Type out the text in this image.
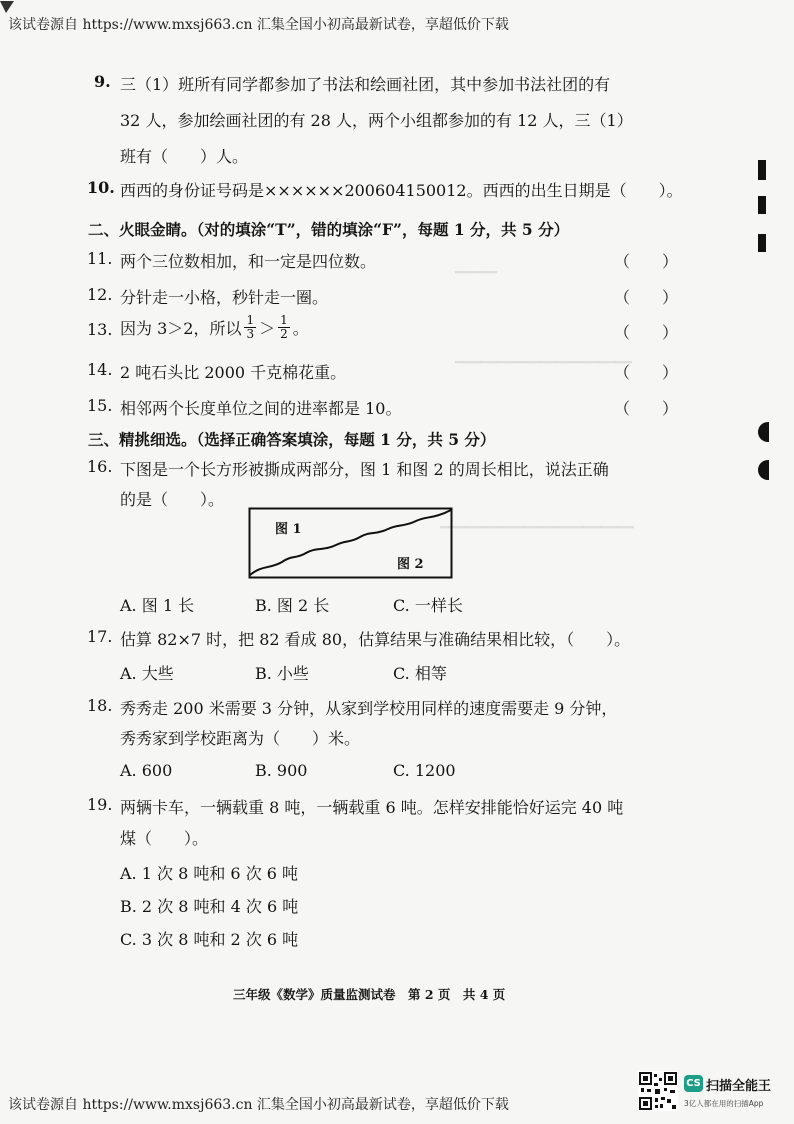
该试卷源自 https://www.mxsj663.cn 汇集全国小初高最新试卷，享超低价下载
━━━━━
━━━━━━━━━━━━━━━━━━━━━
━━━━━━━━━━━━━━━━━━━━━━━
9. 三（1）班所有同学都参加了书法和绘画社团，其中参加书法社团的有
32 人，参加绘画社团的有 28 人，两个小组都参加的有 12 人，三（1）
班有（　　）人。
10. 西西的身份证号码是××××××200604150012。西西的出生日期是（　　）。
二、火眼金睛。（对的填涂“T”，错的填涂“F”，每题 1 分，共 5 分）
11. 两个三位数相加，和一定是四位数。	（　　）
12. 分针走一小格，秒针走一圈。	（　　）
13. 因为 3＞2，所以 $\frac{1}{3} > \frac{1}{2}$ 。	（　　）
14. 2 吨石头比 2000 千克棉花重。	（　　）
15. 相邻两个长度单位之间的进率都是 10。	（　　）
三、精挑细选。（选择正确答案填涂，每题 1 分，共 5 分）
16. 下图是一个长方形被撕成两部分，图 1 和图 2 的周长相比，说法正确
的是（　　）。
图 1
图 2
A. 图 1 长	B. 图 2 长	C. 一样长
17. 估算 82×7 时，把 82 看成 80，估算结果与准确结果相比较，（　　）。
A. 大些	B. 小些	C. 相等
18. 秀秀走 200 米需要 3 分钟，从家到学校用同样的速度需要走 9 分钟，
秀秀家到学校距离为（　　）米。
A. 600	B. 900	C. 1200
19. 两辆卡车，一辆载重 8 吨，一辆载重 6 吨。怎样安排能恰好运完 40 吨
煤（　　）。
A. 1 次 8 吨和 6 次 6 吨
B. 2 次 8 吨和 4 次 6 吨
C. 3 次 8 吨和 2 次 6 吨
三年级《数学》质量监测试卷　第 2 页　共 4 页
CS 扫描全能王
3亿人都在用的扫描App
该试卷源自 https://www.mxsj663.cn 汇集全国小初高最新试卷，享超低价下载
